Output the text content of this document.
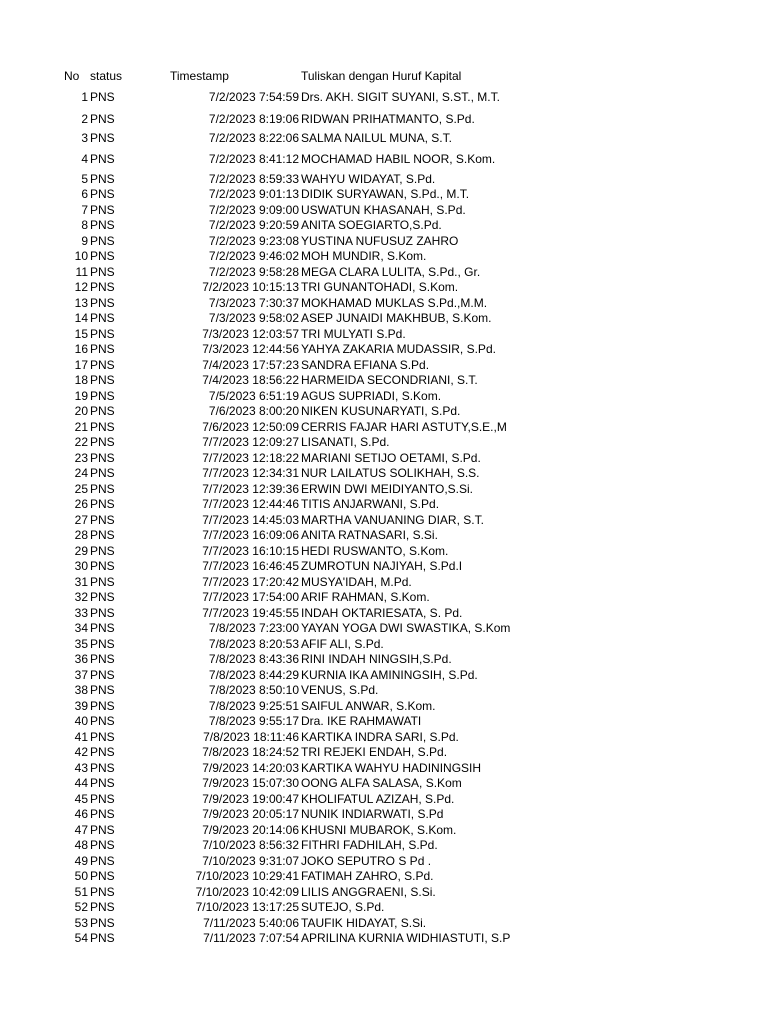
No status	Timestamp	Tuliskan dengan Huruf Kapital
1 PNS	7/2/2023 7:54:59 Drs. AKH. SIGIT SUYANI, S.ST., M.T.
2 PNS	7/2/2023 8:19:06 RIDWAN PRIHATMANTO, S.Pd.
3 PNS	7/2/2023 8:22:06 SALMA NAILUL MUNA, S.T.
4 PNS	7/2/2023 8:41:12 MOCHAMAD HABIL NOOR, S.Kom.
5 PNS	7/2/2023 8:59:33 WAHYU WIDAYAT, S.Pd.
6 PNS	7/2/2023 9:01:13 DIDIK SURYAWAN, S.Pd., M.T.
7 PNS	7/2/2023 9:09:00 USWATUN KHASANAH, S.Pd.
8 PNS	7/2/2023 9:20:59 ANITA SOEGIARTO,S.Pd.
9 PNS	7/2/2023 9:23:08 YUSTINA NUFUSUZ ZAHRO
10 PNS	7/2/2023 9:46:02 MOH MUNDIR, S.Kom.
11 PNS	7/2/2023 9:58:28 MEGA CLARA LULITA, S.Pd., Gr.
12 PNS	7/2/2023 10:15:13 TRI GUNANTOHADI, S.Kom.
13 PNS	7/3/2023 7:30:37 MOKHAMAD MUKLAS S.Pd.,M.M.
14 PNS	7/3/2023 9:58:02 ASEP JUNAIDI MAKHBUB, S.Kom.
15 PNS	7/3/2023 12:03:57 TRI MULYATI S.Pd.
16 PNS	7/3/2023 12:44:56 YAHYA ZAKARIA MUDASSIR, S.Pd.
17 PNS	7/4/2023 17:57:23 SANDRA EFIANA S.Pd.
18 PNS	7/4/2023 18:56:22 HARMEIDA SECONDRIANI, S.T.
19 PNS	7/5/2023 6:51:19 AGUS SUPRIADI, S.Kom.
20 PNS	7/6/2023 8:00:20 NIKEN KUSUNARYATI, S.Pd.
21 PNS	7/6/2023 12:50:09 CERRIS FAJAR HARI ASTUTY,S.E.,M
22 PNS	7/7/2023 12:09:27 LISANATI, S.Pd.
23 PNS	7/7/2023 12:18:22 MARIANI SETIJO OETAMI, S.Pd.
24 PNS	7/7/2023 12:34:31 NUR LAILATUS SOLIKHAH, S.S.
25 PNS	7/7/2023 12:39:36 ERWIN DWI MEIDIYANTO,S.Si.
26 PNS	7/7/2023 12:44:46 TITIS ANJARWANI, S.Pd.
27 PNS	7/7/2023 14:45:03 MARTHA VANUANING DIAR, S.T.
28 PNS	7/7/2023 16:09:06 ANITA RATNASARI, S.Si.
29 PNS	7/7/2023 16:10:15 HEDI RUSWANTO, S.Kom.
30 PNS	7/7/2023 16:46:45 ZUMROTUN NAJIYAH, S.Pd.I
31 PNS	7/7/2023 17:20:42 MUSYA'IDAH, M.Pd.
32 PNS	7/7/2023 17:54:00 ARIF RAHMAN, S.Kom.
33 PNS	7/7/2023 19:45:55 INDAH OKTARIESATA, S. Pd.
34 PNS	7/8/2023 7:23:00 YAYAN YOGA DWI SWASTIKA, S.Kom
35 PNS	7/8/2023 8:20:53 AFIF ALI, S.Pd.
36 PNS	7/8/2023 8:43:36 RINI INDAH NINGSIH,S.Pd.
37 PNS	7/8/2023 8:44:29 KURNIA IKA AMININGSIH, S.Pd.
38 PNS	7/8/2023 8:50:10 VENUS, S.Pd.
39 PNS	7/8/2023 9:25:51 SAIFUL ANWAR, S.Kom.
40 PNS	7/8/2023 9:55:17 Dra. IKE RAHMAWATI
41 PNS	7/8/2023 18:11:46 KARTIKA INDRA SARI, S.Pd.
42 PNS	7/8/2023 18:24:52 TRI REJEKI ENDAH, S.Pd.
43 PNS	7/9/2023 14:20:03 KARTIKA WAHYU HADININGSIH
44 PNS	7/9/2023 15:07:30 OONG ALFA SALASA, S.Kom
45 PNS	7/9/2023 19:00:47 KHOLIFATUL AZIZAH, S.Pd.
46 PNS	7/9/2023 20:05:17 NUNIK INDIARWATI, S.Pd
47 PNS	7/9/2023 20:14:06 KHUSNI MUBAROK, S.Kom.
48 PNS	7/10/2023 8:56:32 FITHRI FADHILAH, S.Pd.
49 PNS	7/10/2023 9:31:07 JOKO SEPUTRO S Pd .
50 PNS	7/10/2023 10:29:41 FATIMAH ZAHRO, S.Pd.
51 PNS	7/10/2023 10:42:09 LILIS ANGGRAENI, S.Si.
52 PNS	7/10/2023 13:17:25 SUTEJO, S.Pd.
53 PNS	7/11/2023 5:40:06 TAUFIK HIDAYAT, S.Si.
54 PNS	7/11/2023 7:07:54 APRILINA KURNIA WIDHIASTUTI, S.P
